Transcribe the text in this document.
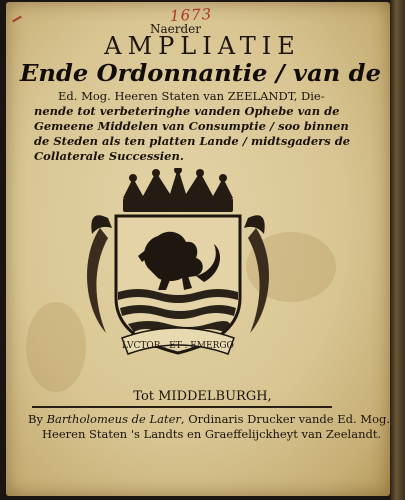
1673
Naerder
AMPLIATIE
Ende Ordonnantie / van de
Ed. Mog. Heeren Staten van ZEELANDT, Die-
nende tot verbeteringhe vanden Ophebe van de
Gemeene Middelen van Consumptie / soo binnen
de Steden als ten platten Lande / midtsgaders de
Collaterale Successien.
LVCTOR . ET . EMERGO
Tot MIDDELBURGH,
By Bartholomeus de Later, Ordinaris Drucker vande Ed. Mog.
Heeren Staten 's Landts en Graeffelijckheyt van Zeelandt.
